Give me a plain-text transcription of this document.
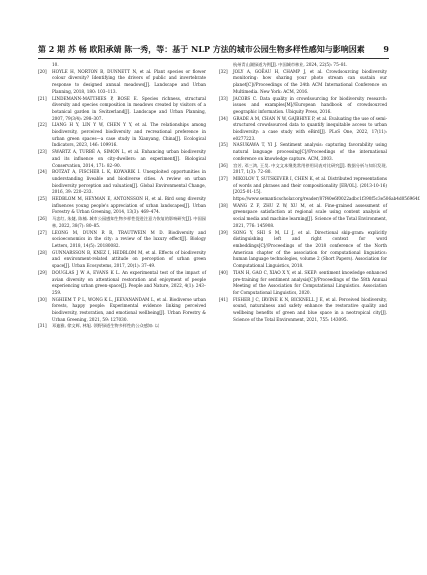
第 2 期 苏 畅 欧阳承婧 陈一秀，等：基于 NLP 方法的城市公园生物多样性感知与影响因素 9
10.
[20] HOYLE H, NORTON B, DUNNETT N, et al. Plant species or flower colour diversity? Identifying the drivers of public and invertebrate response to designed annual meadows[J]. Landscape and Urban Planning, 2018, 180: 103–113.
[21] LINDEMANN-MATTHIES P, BOSE E. Species richness, structural diversity and species composition in meadows created by visitors of a botanical garden in Switzerland[J]. Landscape and Urban Planning, 2007, 79(3/4): 298–307.
[22] LIANG H Y, LIN Y W, CHEN Y Y, et al. The relationships among biodiversity, perceived biodiversity and recreational preference in urban green spaces—a case study in Xianyang, China[J]. Ecological Indicators, 2023, 146: 109916.
[23] SWARTZ A, TURBÉ A, SIMON L, et al. Enhancing urban biodiversity and its influence on city-dwellers: an experiment[J]. Biological Conservation, 2014, 171: 82–90.
[24] BOTZAT A, FISCHER L K, KOWARIK I. Unexploited opportunities in understanding liveable and biodiverse cities. A review on urban biodiversity perception and valuation[J]. Global Environmental Change, 2016, 39: 220–233.
[25] HEDBLOM M, HEYMAN E, ANTONSSON H, et al. Bird song diversity influences young people's appreciation of urban landscapes[J]. Urban Forestry & Urban Greening, 2014, 13(3): 469–474.
[26] 马忠红, 朱婕, 陈楠. 城市公园感知生物多样性促进注意力恢复的影响研究[J]. 中国园林, 2022, 38(7): 80–85.
[27] LEONG M, DUNN R R, TRAUTWEIN M D. Biodiversity and socioeconomics in the city: a review of the luxury effect[J]. Biology Letters, 2018, 14(5): 20180082.
[28] GUNNARSSON B, KNEZ I, HEDBLOM M, et al. Effects of biodiversity and environment-related attitude on perception of urban green space[J]. Urban Ecosystems, 2017, 20(1): 37–49.
[29] DOUGLAS J W A, EVANS K L. An experimental test of the impact of avian diversity on attentional restoration and enjoyment of people experiencing urban green-space[J]. People and Nature, 2022, 4(1): 243–259.
[30] NGHIEM T P L, WONG K L, JEEVANANDAM L, et al. Biodiverse urban forests, happy people: Experimental evidence linking perceived biodiversity, restoration, and emotional wellbeing[J]. Urban Forestry & Urban Greening, 2021, 59: 127030.
[31] 邓迪雅, 徐文辉, 林旭. 领野绿道生物多样性的公众感知: 以
杭州青山湖绿道为例[J]. 中国城市林业, 2024, 22(5): 75–81.
[32] JOLY A, GOËAU H, CHAMP J, et al. Crowdsourcing biodiversity monitoring: how sharing your photo stream can sustain our planet[C]//Proceedings of the 24th ACM International Conference on Multimedia. New York: ACM, 2016.
[33] JACOBS C. Data quality in crowdsourcing for biodiversity research: issues and examples[M]//European handbook of crowdsourced geographic information. Ubiquity Press, 2016.
[34] GRADE A M, CHAN N W, GAJBHIYE P, et al. Evaluating the use of semi-structured crowdsourced data to quantify inequitable access to urban biodiversity: a case study with eBird[J]. PLoS One, 2022, 17(11): e0277223.
[35] NASUKAWA T, YI J. Sentiment analysis: capturing favorability using natural language processing[C]//Proceedings of the international conference on knowledge capture. ACM, 2003.
[36] 宫芳, 邓三鸿, 王昊. 中文文本聚类常用停用词表对比研究[J]. 数据分析与知识发现, 2017, 1(3): 72–80.
[37] MIKOLOV T, SUTSKEVER I, CHEN K, et al. Distributed representations of words and phrases and their compositionality [ER/OL]. (2013-10-16)[2025-01-15]. https://www.semanticscholar.org/reader/87f40e6f0022adbc1f390f5c3e506ab4d056964f.
[38] WANG Z F, ZHU Z W, XU M, et al. Fine-grained assessment of greenspace satisfaction at regional scale using content analysis of social media and machine learning[J]. Science of the Total Environment, 2021, 776: 145908.
[39] SONG Y, SHI S M, LI J, et al. Directional skip-gram: explicitly distinguishing left and right context for word embeddings[C]//Proceedings of the 2018 conference of the North American chapter of the association for computational linguistics: human language technologies, volume 2 (Short Papers). Association for Computational Linguistics, 2018.
[40] TIAN H, GAO C, XIAO X Y, et al. SKEP: sentiment knowledge enhanced pre-training for sentiment analysis[C]//Proceedings of the 58th Annual Meeting of the Association for Computational Linguistics. Association for Computational Linguistics, 2020.
[41] FISHER J C, IRVINE K N, BICKNELL J E, et al. Perceived biodiversity, sound, naturalness and safety enhance the restorative quality and wellbeing benefits of green and blue space in a neotropical city[J]. Science of the Total Environment, 2021, 755: 143095.
